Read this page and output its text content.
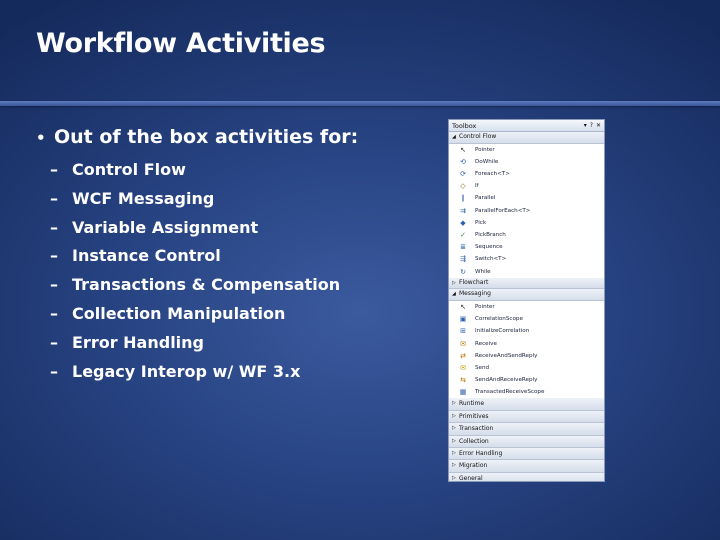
Workflow Activities
• Out of the box activities for:
– Control Flow
– WCF Messaging
– Variable Assignment
– Instance Control
– Transactions & Compensation
– Collection Manipulation
– Error Handling
– Legacy Interop w/ WF 3.x
Toolbox	▾ ? ✕
◢ Control Flow
↖	Pointer
⟲	DoWhile
⟳	Foreach<T>
◇	If
∥	Parallel
⇉	ParallelForEach<T>
◆	Pick
✓	PickBranch
≣	Sequence
⇶	Switch<T>
↻	While
▷ Flowchart
◢ Messaging
↖	Pointer
▣	CorrelationScope
⊞	InitializeCorrelation
✉	Receive
⇄	ReceiveAndSendReply
✉	Send
⇆	SendAndReceiveReply
▦	TransactedReceiveScope
▷ Runtime
▷ Primitives
▷ Transaction
▷ Collection
▷ Error Handling
▷ Migration
▷ General
